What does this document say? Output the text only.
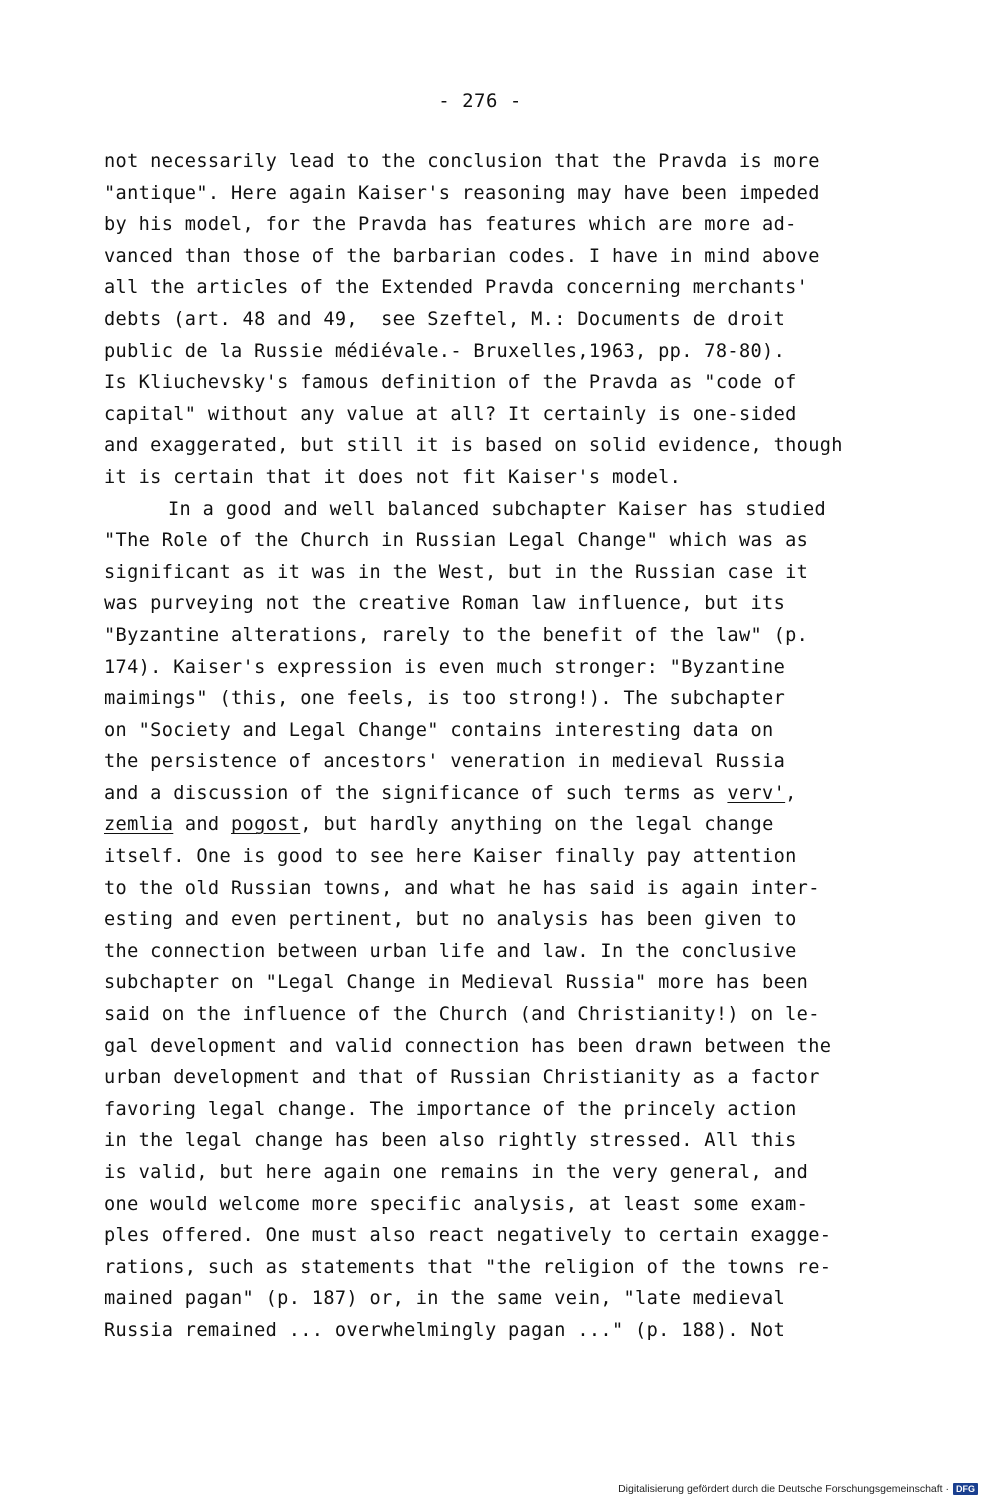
- 276 -
not necessarily lead to the conclusion that the Pravda is more
"antique". Here again Kaiser's reasoning may have been impeded
by his model, for the Pravda has features which are more ad-
vanced than those of the barbarian codes. I have in mind above
all the articles of the Extended Pravda concerning merchants'
debts (art. 48 and 49,  see Szeftel, M.: Documents de droit
public de la Russie médiévale.- Bruxelles,1963, pp. 78-80).
Is Kliuchevsky's famous definition of the Pravda as "code of
capital" without any value at all? It certainly is one-sided
and exaggerated, but still it is based on solid evidence, though
it is certain that it does not fit Kaiser's model.
In a good and well balanced subchapter Kaiser has studied
"The Role of the Church in Russian Legal Change" which was as
significant as it was in the West, but in the Russian case it
was purveying not the creative Roman law influence, but its
"Byzantine alterations, rarely to the benefit of the law" (p.
174). Kaiser's expression is even much stronger: "Byzantine
maimings" (this, one feels, is too strong!). The subchapter
on "Society and Legal Change" contains interesting data on
the persistence of ancestors' veneration in medieval Russia
and a discussion of the significance of such terms as verv',
zemlia and pogost, but hardly anything on the legal change
itself. One is good to see here Kaiser finally pay attention
to the old Russian towns, and what he has said is again inter-
esting and even pertinent, but no analysis has been given to
the connection between urban life and law. In the conclusive
subchapter on "Legal Change in Medieval Russia" more has been
said on the influence of the Church (and Christianity!) on le-
gal development and valid connection has been drawn between the
urban development and that of Russian Christianity as a factor
favoring legal change. The importance of the princely action
in the legal change has been also rightly stressed. All this
is valid, but here again one remains in the very general, and
one would welcome more specific analysis, at least some exam-
ples offered. One must also react negatively to certain exagge-
rations, such as statements that "the religion of the towns re-
mained pagan" (p. 187) or, in the same vein, "late medieval
Russia remained ... overwhelmingly pagan ..." (p. 188). Not
Digitalisierung gefördert durch die Deutsche Forschungsgemeinschaft · DFG
